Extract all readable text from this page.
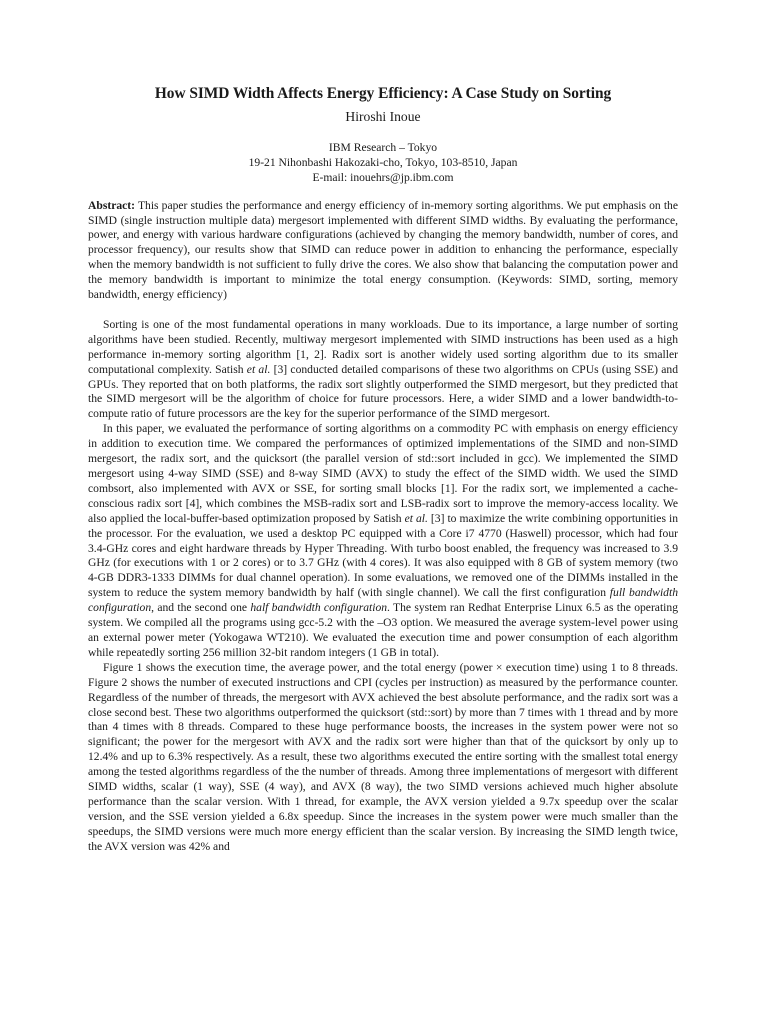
How SIMD Width Affects Energy Efficiency: A Case Study on Sorting
Hiroshi Inoue
IBM Research – Tokyo
19-21 Nihonbashi Hakozaki-cho, Tokyo, 103-8510, Japan
E-mail: inouehrs@jp.ibm.com
Abstract: This paper studies the performance and energy efficiency of in-memory sorting algorithms. We put emphasis on the SIMD (single instruction multiple data) mergesort implemented with different SIMD widths. By evaluating the performance, power, and energy with various hardware configurations (achieved by changing the memory bandwidth, number of cores, and processor frequency), our results show that SIMD can reduce power in addition to enhancing the performance, especially when the memory bandwidth is not sufficient to fully drive the cores. We also show that balancing the computation power and the memory bandwidth is important to minimize the total energy consumption. (Keywords: SIMD, sorting, memory bandwidth, energy efficiency)

Sorting is one of the most fundamental operations in many workloads. Due to its importance, a large number of sorting algorithms have been studied. Recently, multiway mergesort implemented with SIMD instructions has been used as a high performance in-memory sorting algorithm [1, 2]. Radix sort is another widely used sorting algorithm due to its smaller computational complexity. Satish et al. [3] conducted detailed comparisons of these two algorithms on CPUs (using SSE) and GPUs. They reported that on both platforms, the radix sort slightly outperformed the SIMD mergesort, but they predicted that the SIMD mergesort will be the algorithm of choice for future processors. Here, a wider SIMD and a lower bandwidth-to-compute ratio of future processors are the key for the superior performance of the SIMD mergesort.

In this paper, we evaluated the performance of sorting algorithms on a commodity PC with emphasis on energy efficiency in addition to execution time. We compared the performances of optimized implementations of the SIMD and non-SIMD mergesort, the radix sort, and the quicksort (the parallel version of std::sort included in gcc). We implemented the SIMD mergesort using 4-way SIMD (SSE) and 8-way SIMD (AVX) to study the effect of the SIMD width. We used the SIMD combsort, also implemented with AVX or SSE, for sorting small blocks [1]. For the radix sort, we implemented a cache-conscious radix sort [4], which combines the MSB-radix sort and LSB-radix sort to improve the memory-access locality. We also applied the local-buffer-based optimization proposed by Satish et al. [3] to maximize the write combining opportunities in the processor. For the evaluation, we used a desktop PC equipped with a Core i7 4770 (Haswell) processor, which had four 3.4-GHz cores and eight hardware threads by Hyper Threading. With turbo boost enabled, the frequency was increased to 3.9 GHz (for executions with 1 or 2 cores) or to 3.7 GHz (with 4 cores). It was also equipped with 8 GB of system memory (two 4-GB DDR3-1333 DIMMs for dual channel operation). In some evaluations, we removed one of the DIMMs installed in the system to reduce the system memory bandwidth by half (with single channel). We call the first configuration full bandwidth configuration, and the second one half bandwidth configuration. The system ran Redhat Enterprise Linux 6.5 as the operating system. We compiled all the programs using gcc-5.2 with the –O3 option. We measured the average system-level power using an external power meter (Yokogawa WT210). We evaluated the execution time and power consumption of each algorithm while repeatedly sorting 256 million 32-bit random integers (1 GB in total).

Figure 1 shows the execution time, the average power, and the total energy (power × execution time) using 1 to 8 threads. Figure 2 shows the number of executed instructions and CPI (cycles per instruction) as measured by the performance counter. Regardless of the number of threads, the mergesort with AVX achieved the best absolute performance, and the radix sort was a close second best. These two algorithms outperformed the quicksort (std::sort) by more than 7 times with 1 thread and by more than 4 times with 8 threads. Compared to these huge performance boosts, the increases in the system power were not so significant; the power for the mergesort with AVX and the radix sort were higher than that of the quicksort by only up to 12.4% and up to 6.3% respectively. As a result, these two algorithms executed the entire sorting with the smallest total energy among the tested algorithms regardless of the the number of threads. Among three implementations of mergesort with different SIMD widths, scalar (1 way), SSE (4 way), and AVX (8 way), the two SIMD versions achieved much higher absolute performance than the scalar version. With 1 thread, for example, the AVX version yielded a 9.7x speedup over the scalar version, and the SSE version yielded a 6.8x speedup. Since the increases in the system power were much smaller than the speedups, the SIMD versions were much more energy efficient than the scalar version. By increasing the SIMD length twice, the AVX version was 42% and
